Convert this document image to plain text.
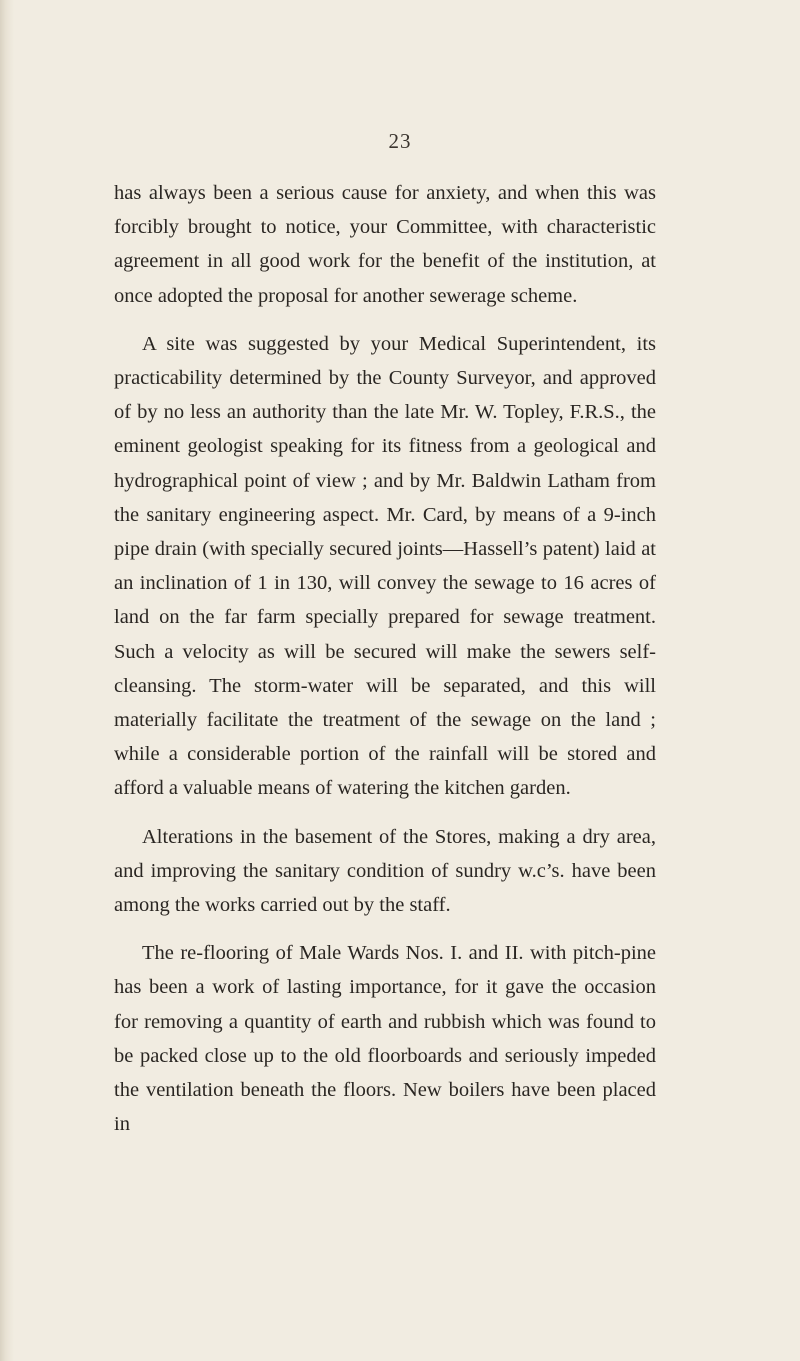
23

has always been a serious cause for anxiety, and when this was forcibly brought to notice, your Committee, with characteristic agreement in all good work for the benefit of the institution, at once adopted the proposal for another sewerage scheme.

A site was suggested by your Medical Superintendent, its practicability determined by the County Surveyor, and approved of by no less an authority than the late Mr. W. Topley, F.R.S., the eminent geologist speaking for its fitness from a geological and hydrographical point of view ; and by Mr. Baldwin Latham from the sanitary engineering aspect. Mr. Card, by means of a 9-inch pipe drain (with specially secured joints—Hassell’s patent) laid at an inclination of 1 in 130, will convey the sewage to 16 acres of land on the far farm specially prepared for sewage treatment. Such a velocity as will be secured will make the sewers self-cleansing. The storm-water will be separated, and this will materially facilitate the treatment of the sewage on the land ; while a considerable portion of the rainfall will be stored and afford a valuable means of watering the kitchen garden.

Alterations in the basement of the Stores, making a dry area, and improving the sanitary condition of sundry w.c’s. have been among the works carried out by the staff.

The re-flooring of Male Wards Nos. I. and II. with pitch-pine has been a work of lasting importance, for it gave the occasion for removing a quantity of earth and rubbish which was found to be packed close up to the old floorboards and seriously impeded the ventilation beneath the floors. New boilers have been placed in
